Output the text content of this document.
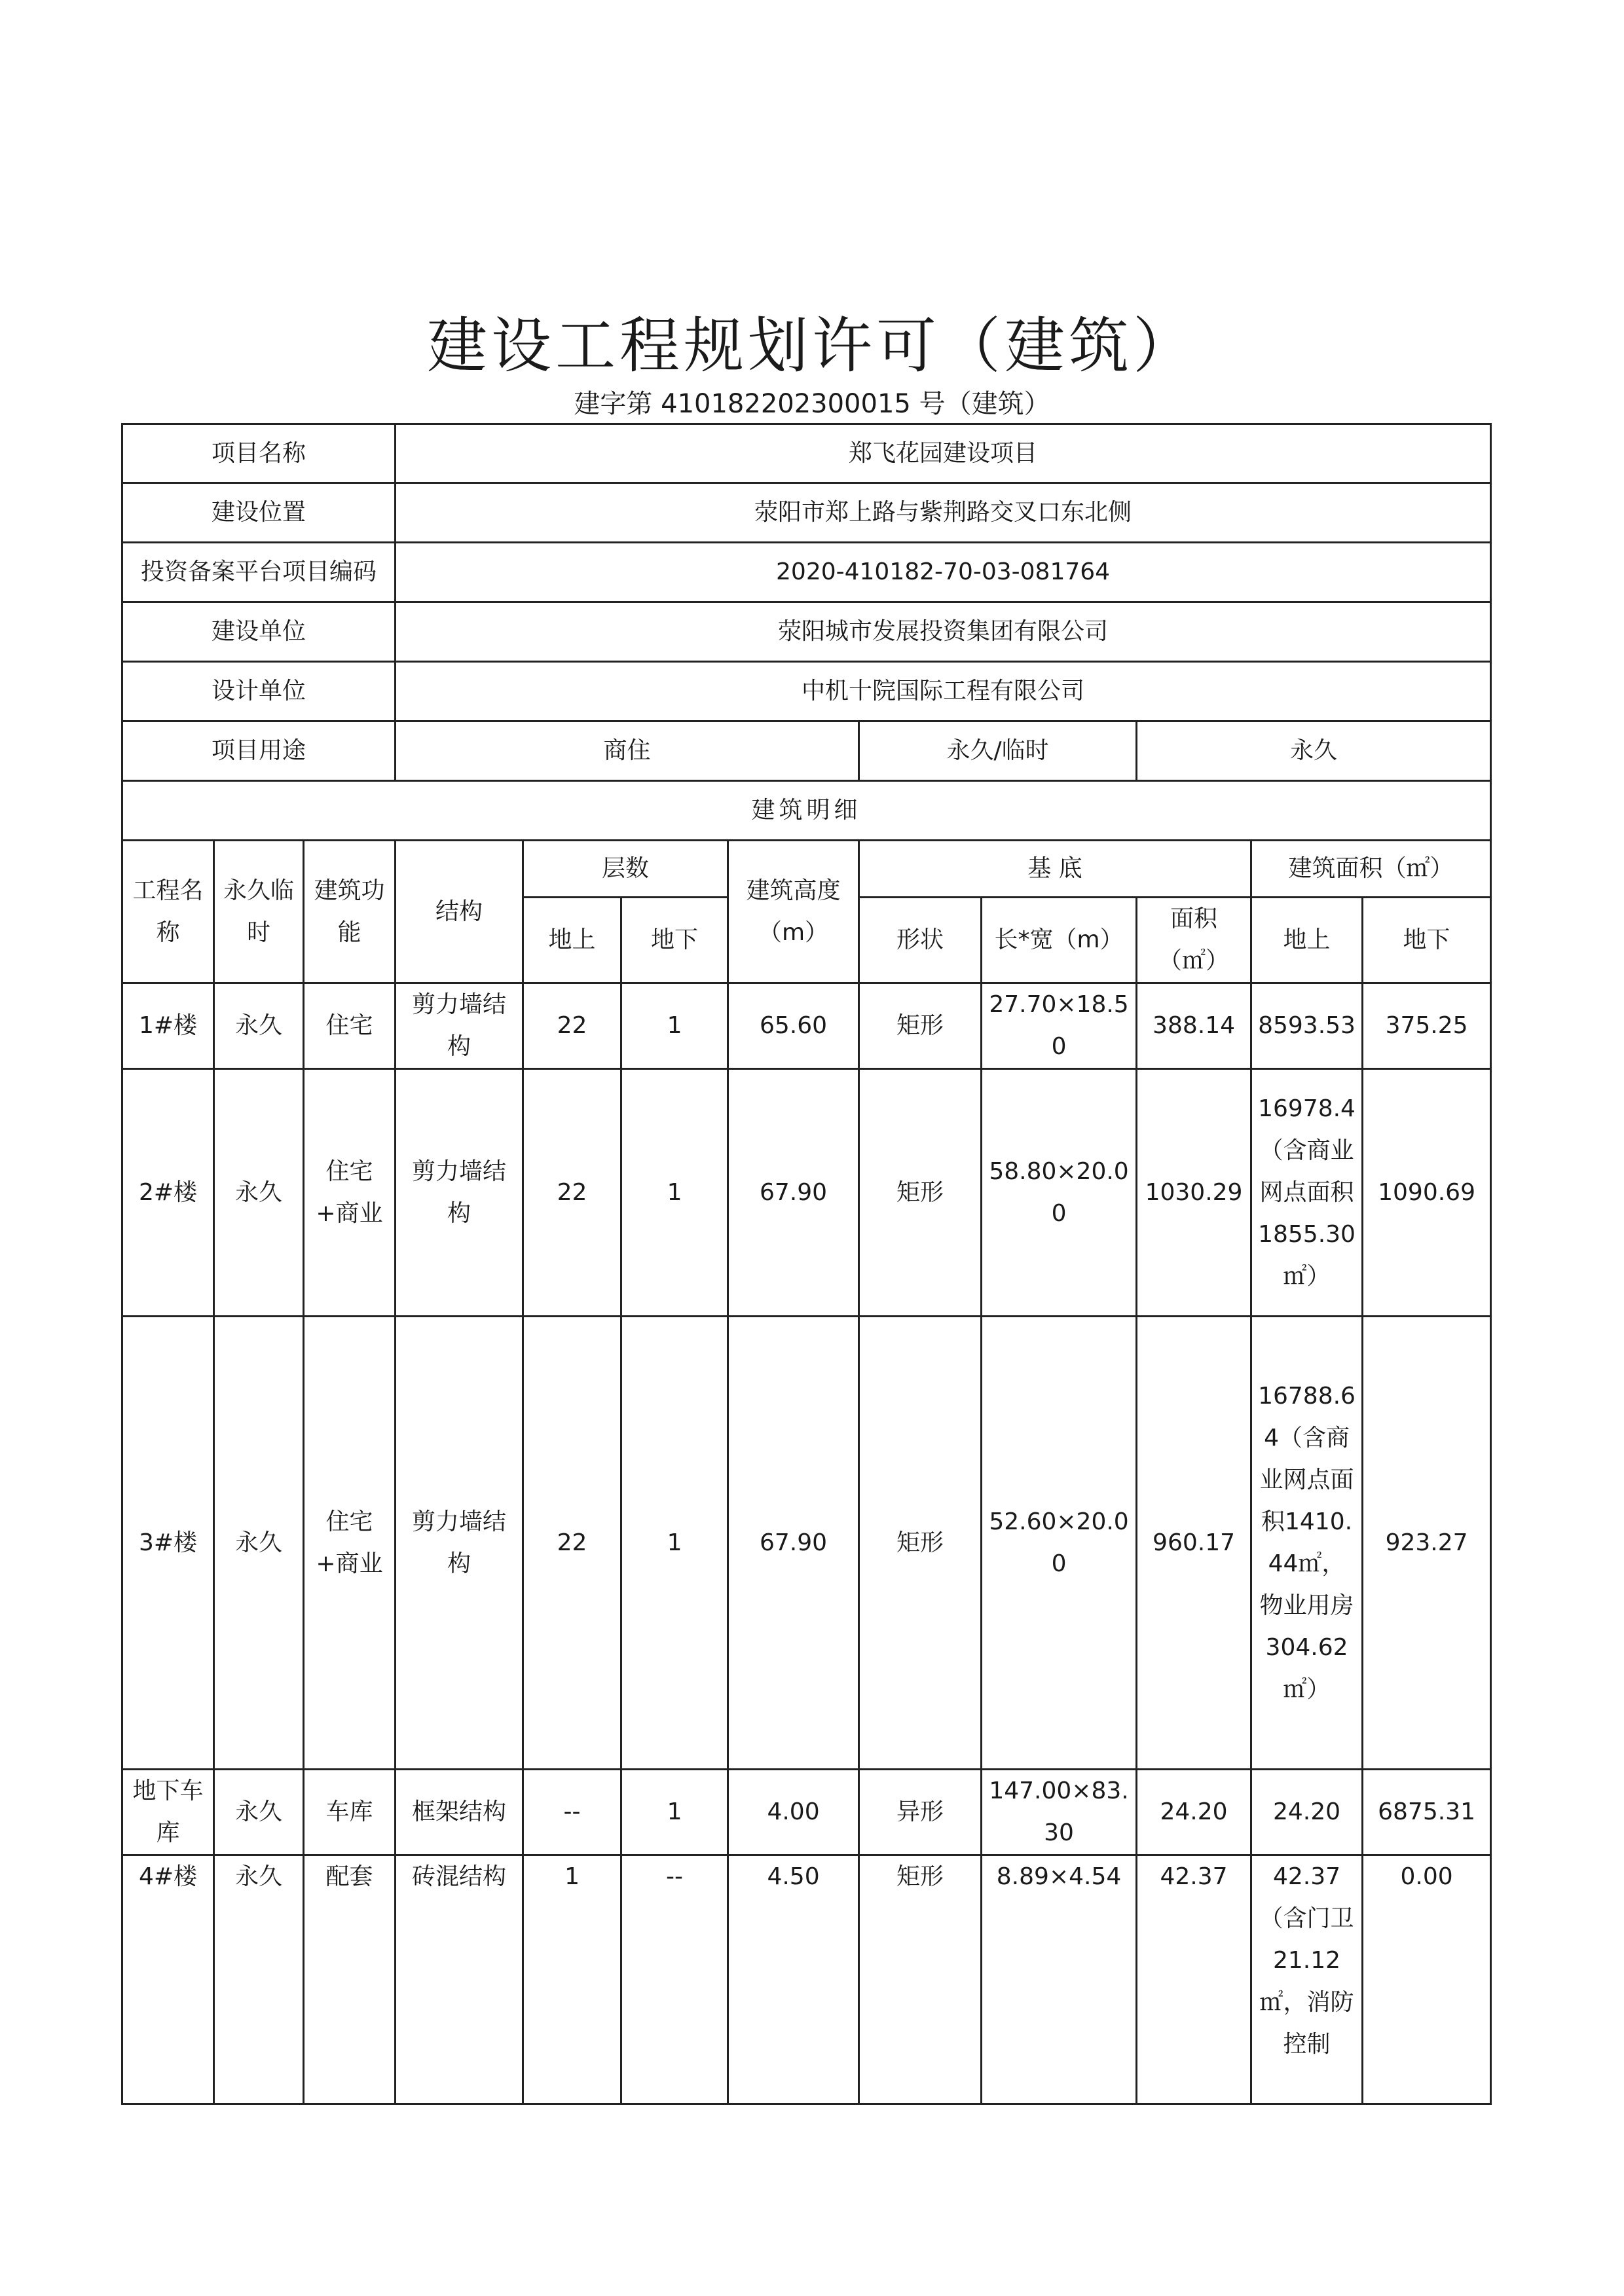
建设工程规划许可（建筑）
建字第 410182202300015 号（建筑）
项目名称			郑飞花园建设项目								
建设位置			荥阳市郑上路与紫荆路交叉口东北侧								
投资备案平台项目编码			2020-410182-70-03-081764								
建设单位			荥阳城市发展投资集团有限公司								
设计单位			中机十院国际工程有限公司								
项目用途			商住				永久/临时		永久		
建筑明细											
工程名称	永久临时	建筑功能	结构	层数		建筑高度（m）	基 底			建筑面积（㎡）	
				地上	地下		形状	长*宽（m）	面积（㎡）	地上	地下
1#楼	永久	住宅	剪力墙结构	22	1	65.60	矩形	27.70×18.50	388.14	8593.53	375.25
2#楼	永久	住宅+商业	剪力墙结构	22	1	67.90	矩形	58.80×20.00	1030.29	16978.4（含商业网点面积1855.30㎡）	1090.69
3#楼	永久	住宅+商业	剪力墙结构	22	1	67.90	矩形	52.60×20.00	960.17	16788.64（含商业网点面积1410.44㎡，物业用房304.62㎡）	923.27
地下车库	永久	车库	框架结构	--	1	4.00	异形	147.00×83.30	24.20	24.20	6875.31
4#楼	永久	配套	砖混结构	1	--	4.50	矩形	8.89×4.54	42.37	42.37（含门卫21.12㎡，消防控制	0.00
